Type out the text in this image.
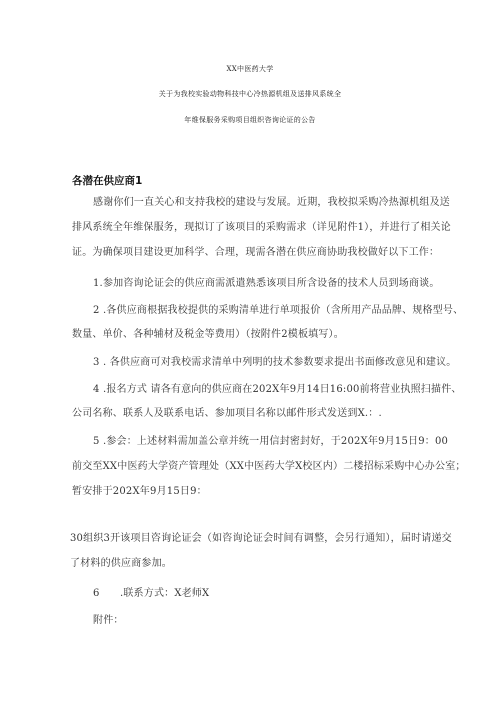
XX中医药大学
关于为我校实验动物科技中心冷热源机组及送排风系统全
年维保服务采购项目组织咨询论证的公告
各潜在供应商1
感谢你们一直关心和支持我校的建设与发展。近期，我校拟采购冷热源机组及送
排风系统全年维保服务，现拟订了该项目的采购需求（详见附件1），并进行了相关论
证。为确保项目建设更加科学、合理，现需各潜在供应商协助我校做好以下工作：
1.参加咨询论证会的供应商需派遣熟悉该项目所含设备的技术人员到场商谈。
2 .各供应商根据我校提供的采购清单进行单项报价（含所用产品品牌、规格型号、
数量、单价、各种辅材及税金等费用）（按附件2模板填写）。
3 . 各供应商可对我校需求清单中列明的技术参数要求提出书面修改意见和建议。
4 .报名方式 请各有意向的供应商在202X年9月14日16:00前将营业执照扫描件、
公司名称、联系人及联系电话、参加项目名称以邮件形式发送到X.：.
5 .参会：上述材料需加盖公章并统一用信封密封好，于202X年9月15日9：00
前交至XX中医药大学资产管理处（XX中医药大学X校区内）二楼招标采购中心办公室；
暂安排于202X年9月15日9：
30组织3开该项目咨询论证会（如咨询论证会时间有调整，会另行通知），届时请递交
了材料的供应商参加。
6　　.联系方式：X老师X
附件：
